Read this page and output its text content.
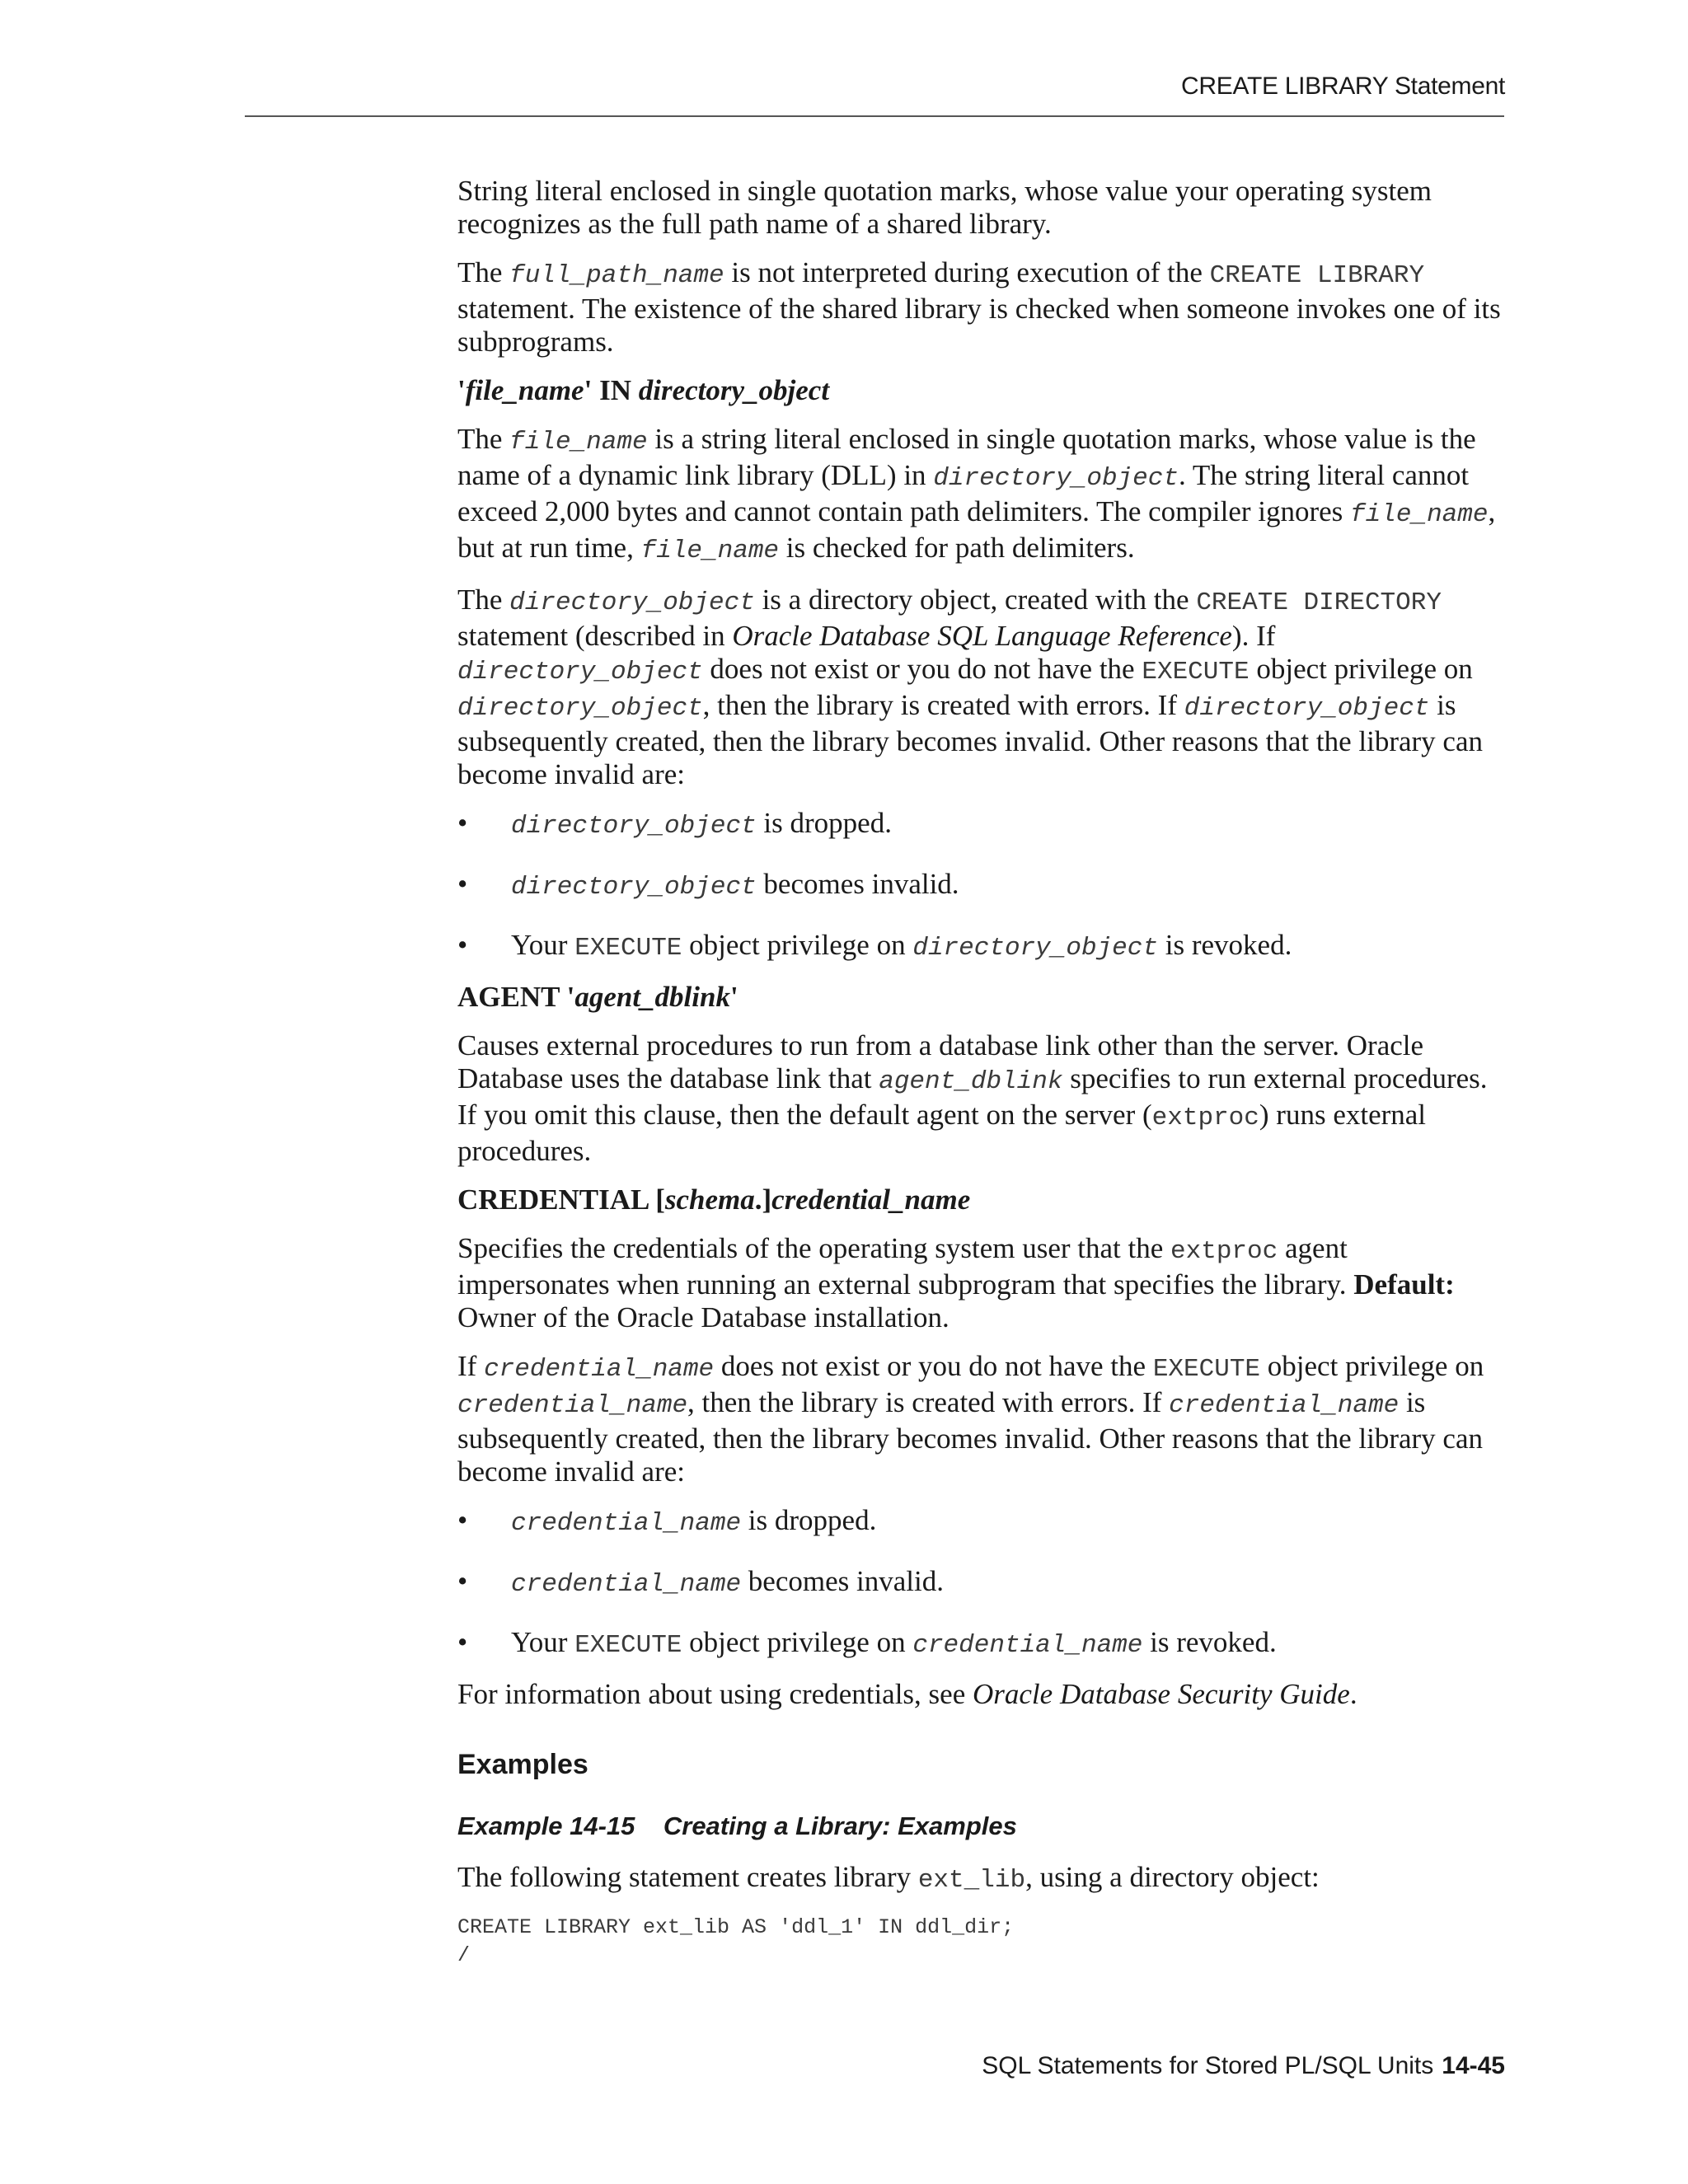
CREATE LIBRARY Statement

String literal enclosed in single quotation marks, whose value your operating system recognizes as the full path name of a shared library.

The full_path_name is not interpreted during execution of the CREATE LIBRARY statement. The existence of the shared library is checked when someone invokes one of its subprograms.

'file_name' IN directory_object

The file_name is a string literal enclosed in single quotation marks, whose value is the name of a dynamic link library (DLL) in directory_object. The string literal cannot exceed 2,000 bytes and cannot contain path delimiters. The compiler ignores file_name, but at run time, file_name is checked for path delimiters.

The directory_object is a directory object, created with the CREATE DIRECTORY statement (described in Oracle Database SQL Language Reference). If directory_object does not exist or you do not have the EXECUTE object privilege on directory_object, then the library is created with errors. If directory_object is subsequently created, then the library becomes invalid. Other reasons that the library can become invalid are:

• directory_object is dropped.
• directory_object becomes invalid.
• Your EXECUTE object privilege on directory_object is revoked.
AGENT 'agent_dblink'

Causes external procedures to run from a database link other than the server. Oracle Database uses the database link that agent_dblink specifies to run external procedures. If you omit this clause, then the default agent on the server (extproc) runs external procedures.

CREDENTIAL [schema.]credential_name

Specifies the credentials of the operating system user that the extproc agent impersonates when running an external subprogram that specifies the library. Default: Owner of the Oracle Database installation.

If credential_name does not exist or you do not have the EXECUTE object privilege on credential_name, then the library is created with errors. If credential_name is subsequently created, then the library becomes invalid. Other reasons that the library can become invalid are:

• credential_name is dropped.
• credential_name becomes invalid.
• Your EXECUTE object privilege on credential_name is revoked.

For information about using credentials, see Oracle Database Security Guide.

Examples
Example 14-15    Creating a Library: Examples

The following statement creates library ext_lib, using a directory object:

CREATE LIBRARY ext_lib AS 'ddl_1' IN ddl_dir;
/
SQL Statements for Stored PL/SQL Units 14-45
